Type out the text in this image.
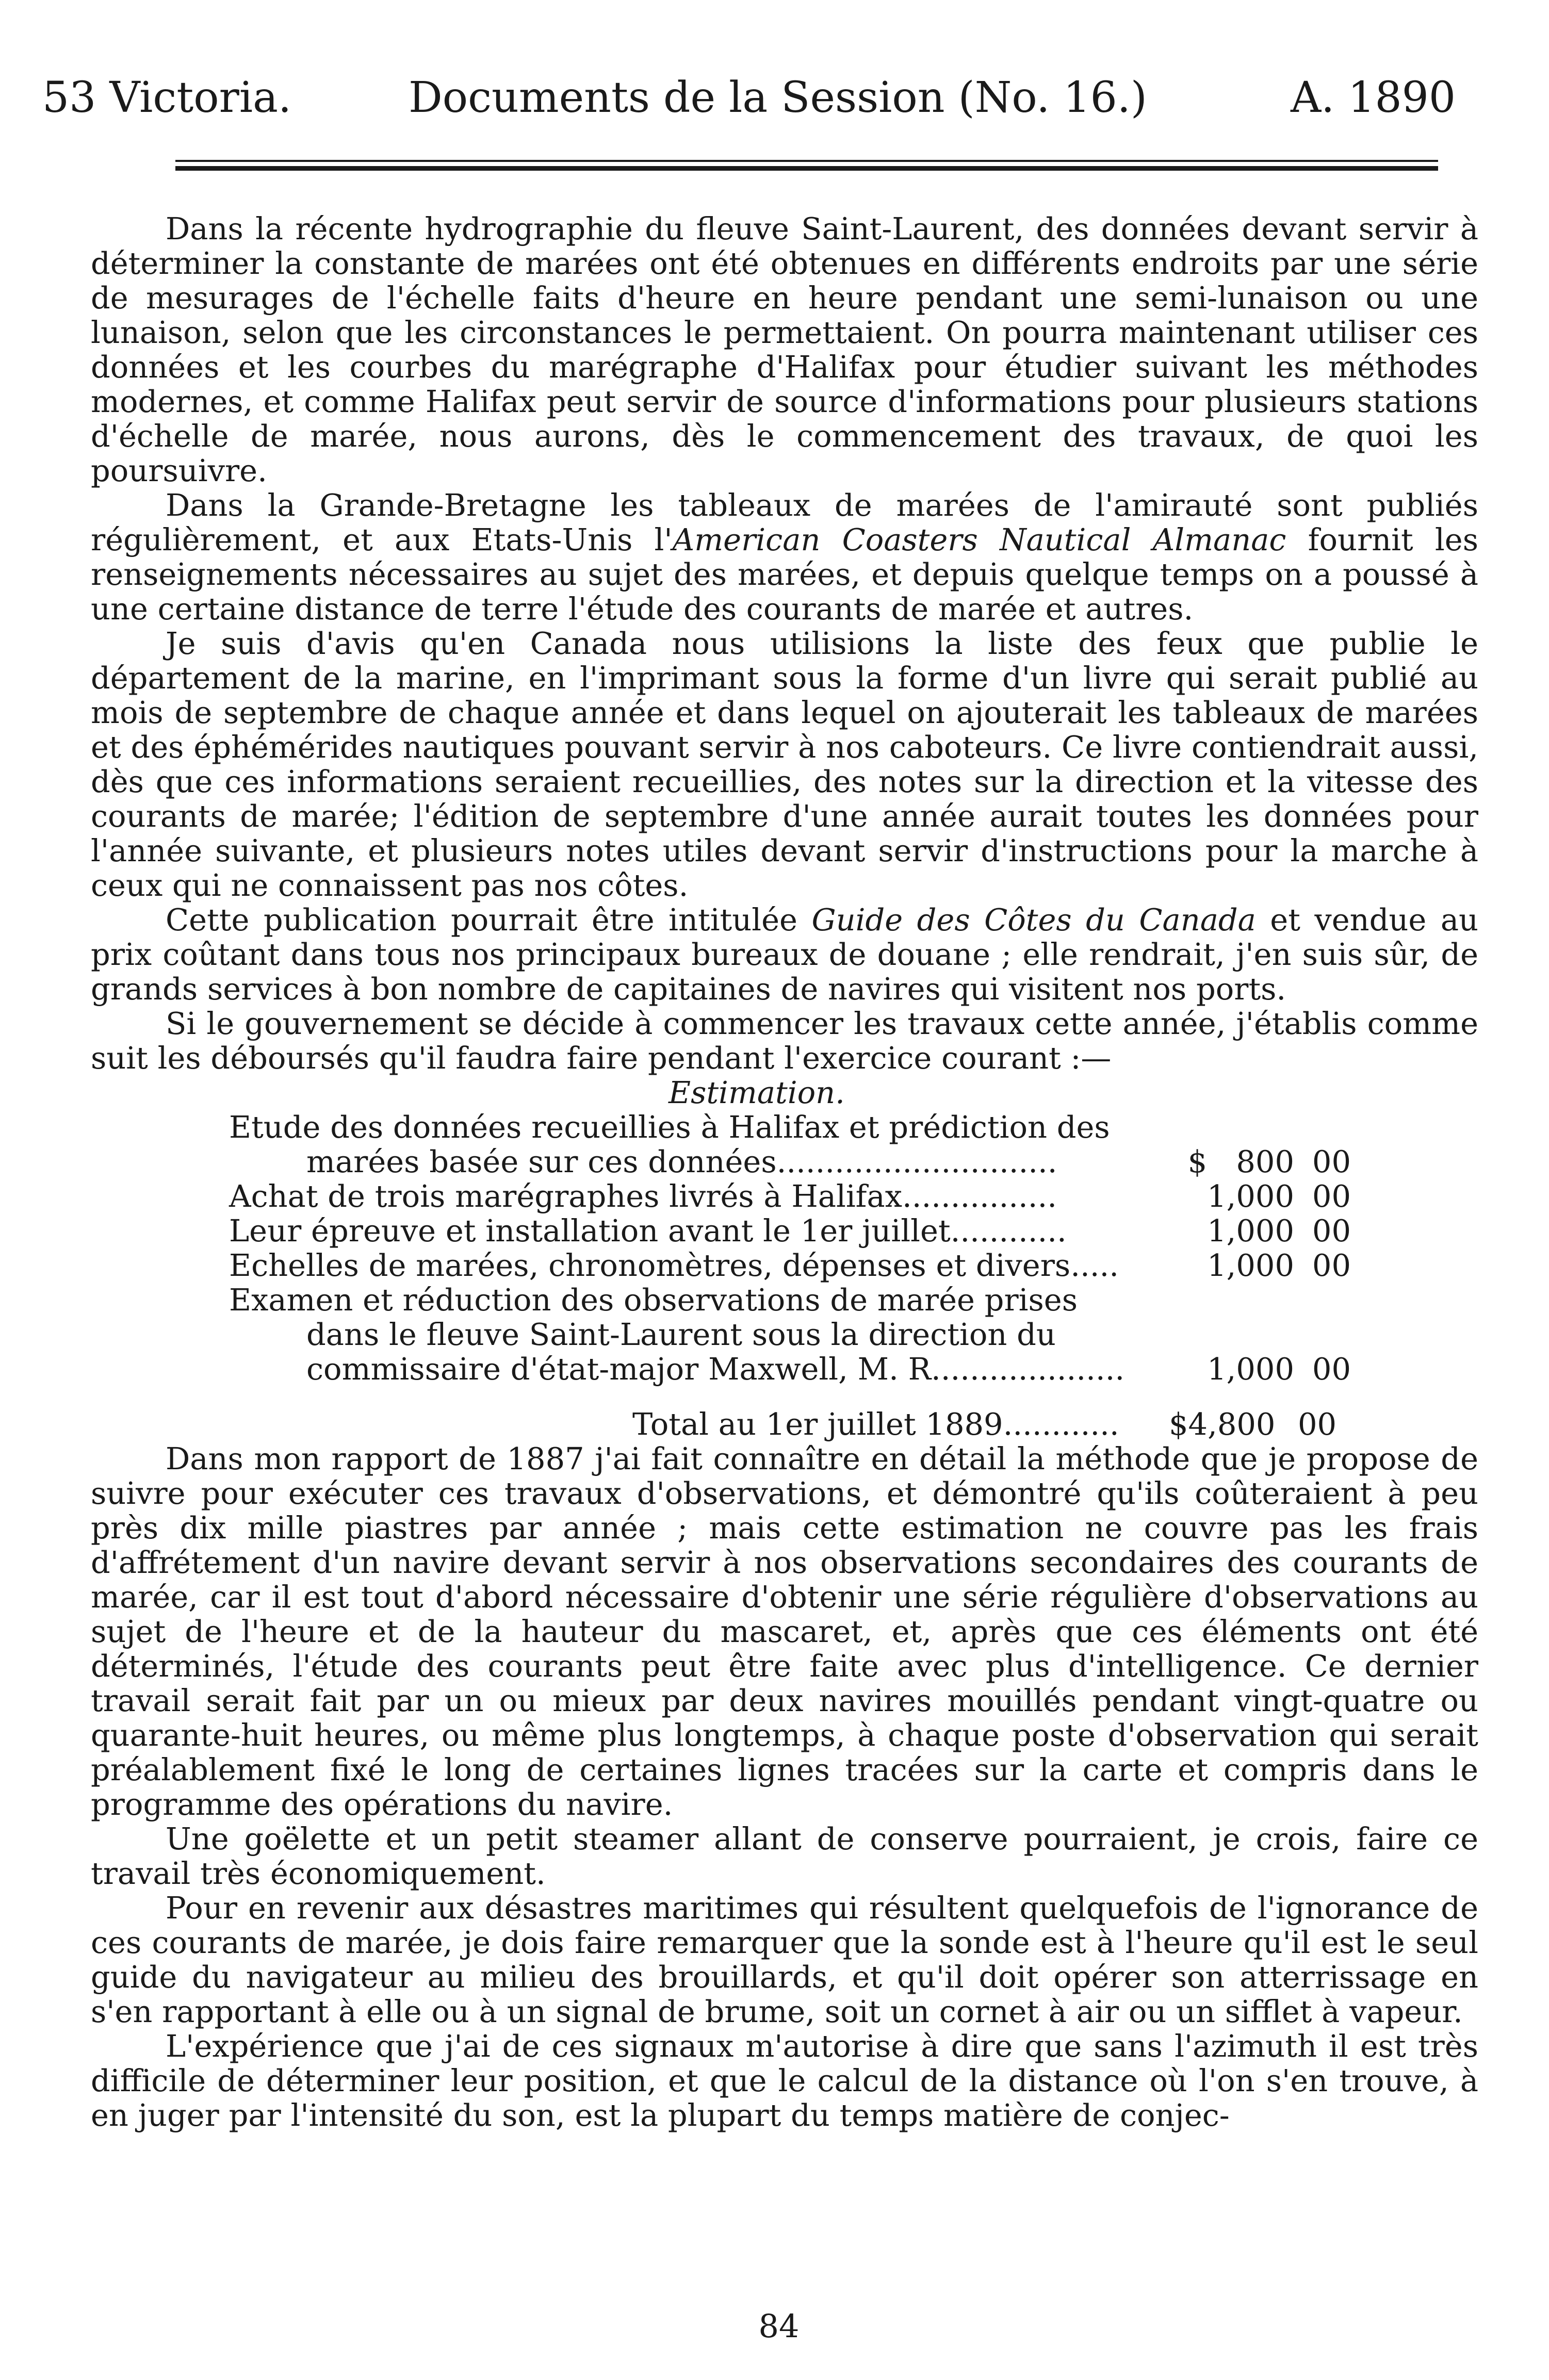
53 Victoria.	Documents de la Session (No. 16.)	A. 1890

Dans la récente hydrographie du fleuve Saint-Laurent, des données devant servir à déterminer la constante de marées ont été obtenues en différents endroits par une série de mesurages de l'échelle faits d'heure en heure pendant une semi-lunaison ou une lunaison, selon que les circonstances le permettaient. On pourra maintenant utiliser ces données et les courbes du marégraphe d'Halifax pour étudier suivant les méthodes modernes, et comme Halifax peut servir de source d'informations pour plusieurs stations d'échelle de marée, nous aurons, dès le commencement des travaux, de quoi les poursuivre.

Dans la Grande-Bretagne les tableaux de marées de l'amirauté sont publiés régulièrement, et aux Etats-Unis l'American Coasters Nautical Almanac fournit les renseignements nécessaires au sujet des marées, et depuis quelque temps on a poussé à une certaine distance de terre l'étude des courants de marée et autres.

Je suis d'avis qu'en Canada nous utilisions la liste des feux que publie le département de la marine, en l'imprimant sous la forme d'un livre qui serait publié au mois de septembre de chaque année et dans lequel on ajouterait les tableaux de marées et des éphémérides nautiques pouvant servir à nos caboteurs. Ce livre contiendrait aussi, dès que ces informations seraient recueillies, des notes sur la direction et la vitesse des courants de marée; l'édition de septembre d'une année aurait toutes les données pour l'année suivante, et plusieurs notes utiles devant servir d'instructions pour la marche à ceux qui ne connaissent pas nos côtes.

Cette publication pourrait être intitulée Guide des Côtes du Canada et vendue au prix coûtant dans tous nos principaux bureaux de douane ; elle rendrait, j'en suis sûr, de grands services à bon nombre de capitaines de navires qui visitent nos ports.

Si le gouvernement se décide à commencer les travaux cette année, j'établis comme suit les déboursés qu'il faudra faire pendant l'exercice courant :—

Estimation.
Etude des données recueillies à Halifax et prédiction des
marées basée sur ces données.............................	$ 800 00
Achat de trois marégraphes livrés à Halifax................	1,000 00
Leur épreuve et installation avant le 1er juillet............	1,000 00
Echelles de marées, chronomètres, dépenses et divers.....	1,000 00
Examen et réduction des observations de marée prises
dans le fleuve Saint-Laurent sous la direction du
commissaire d'état-major Maxwell, M. R....................	1,000 00
Total au 1er juillet 1889............ $4,800 00

Dans mon rapport de 1887 j'ai fait connaître en détail la méthode que je propose de suivre pour exécuter ces travaux d'observations, et démontré qu'ils coûteraient à peu près dix mille piastres par année ; mais cette estimation ne couvre pas les frais d'affrétement d'un navire devant servir à nos observations secondaires des courants de marée, car il est tout d'abord nécessaire d'obtenir une série régulière d'observations au sujet de l'heure et de la hauteur du mascaret, et, après que ces éléments ont été déterminés, l'étude des courants peut être faite avec plus d'intelligence. Ce dernier travail serait fait par un ou mieux par deux navires mouillés pendant vingt-quatre ou quarante-huit heures, ou même plus longtemps, à chaque poste d'observation qui serait préalablement fixé le long de certaines lignes tracées sur la carte et compris dans le programme des opérations du navire.

Une goëlette et un petit steamer allant de conserve pourraient, je crois, faire ce travail très économiquement.

Pour en revenir aux désastres maritimes qui résultent quelquefois de l'ignorance de ces courants de marée, je dois faire remarquer que la sonde est à l'heure qu'il est le seul guide du navigateur au milieu des brouillards, et qu'il doit opérer son atterrissage en s'en rapportant à elle ou à un signal de brume, soit un cornet à air ou un sifflet à vapeur.

L'expérience que j'ai de ces signaux m'autorise à dire que sans l'azimuth il est très difficile de déterminer leur position, et que le calcul de la distance où l'on s'en trouve, à en juger par l'intensité du son, est la plupart du temps matière de conjec-

84
